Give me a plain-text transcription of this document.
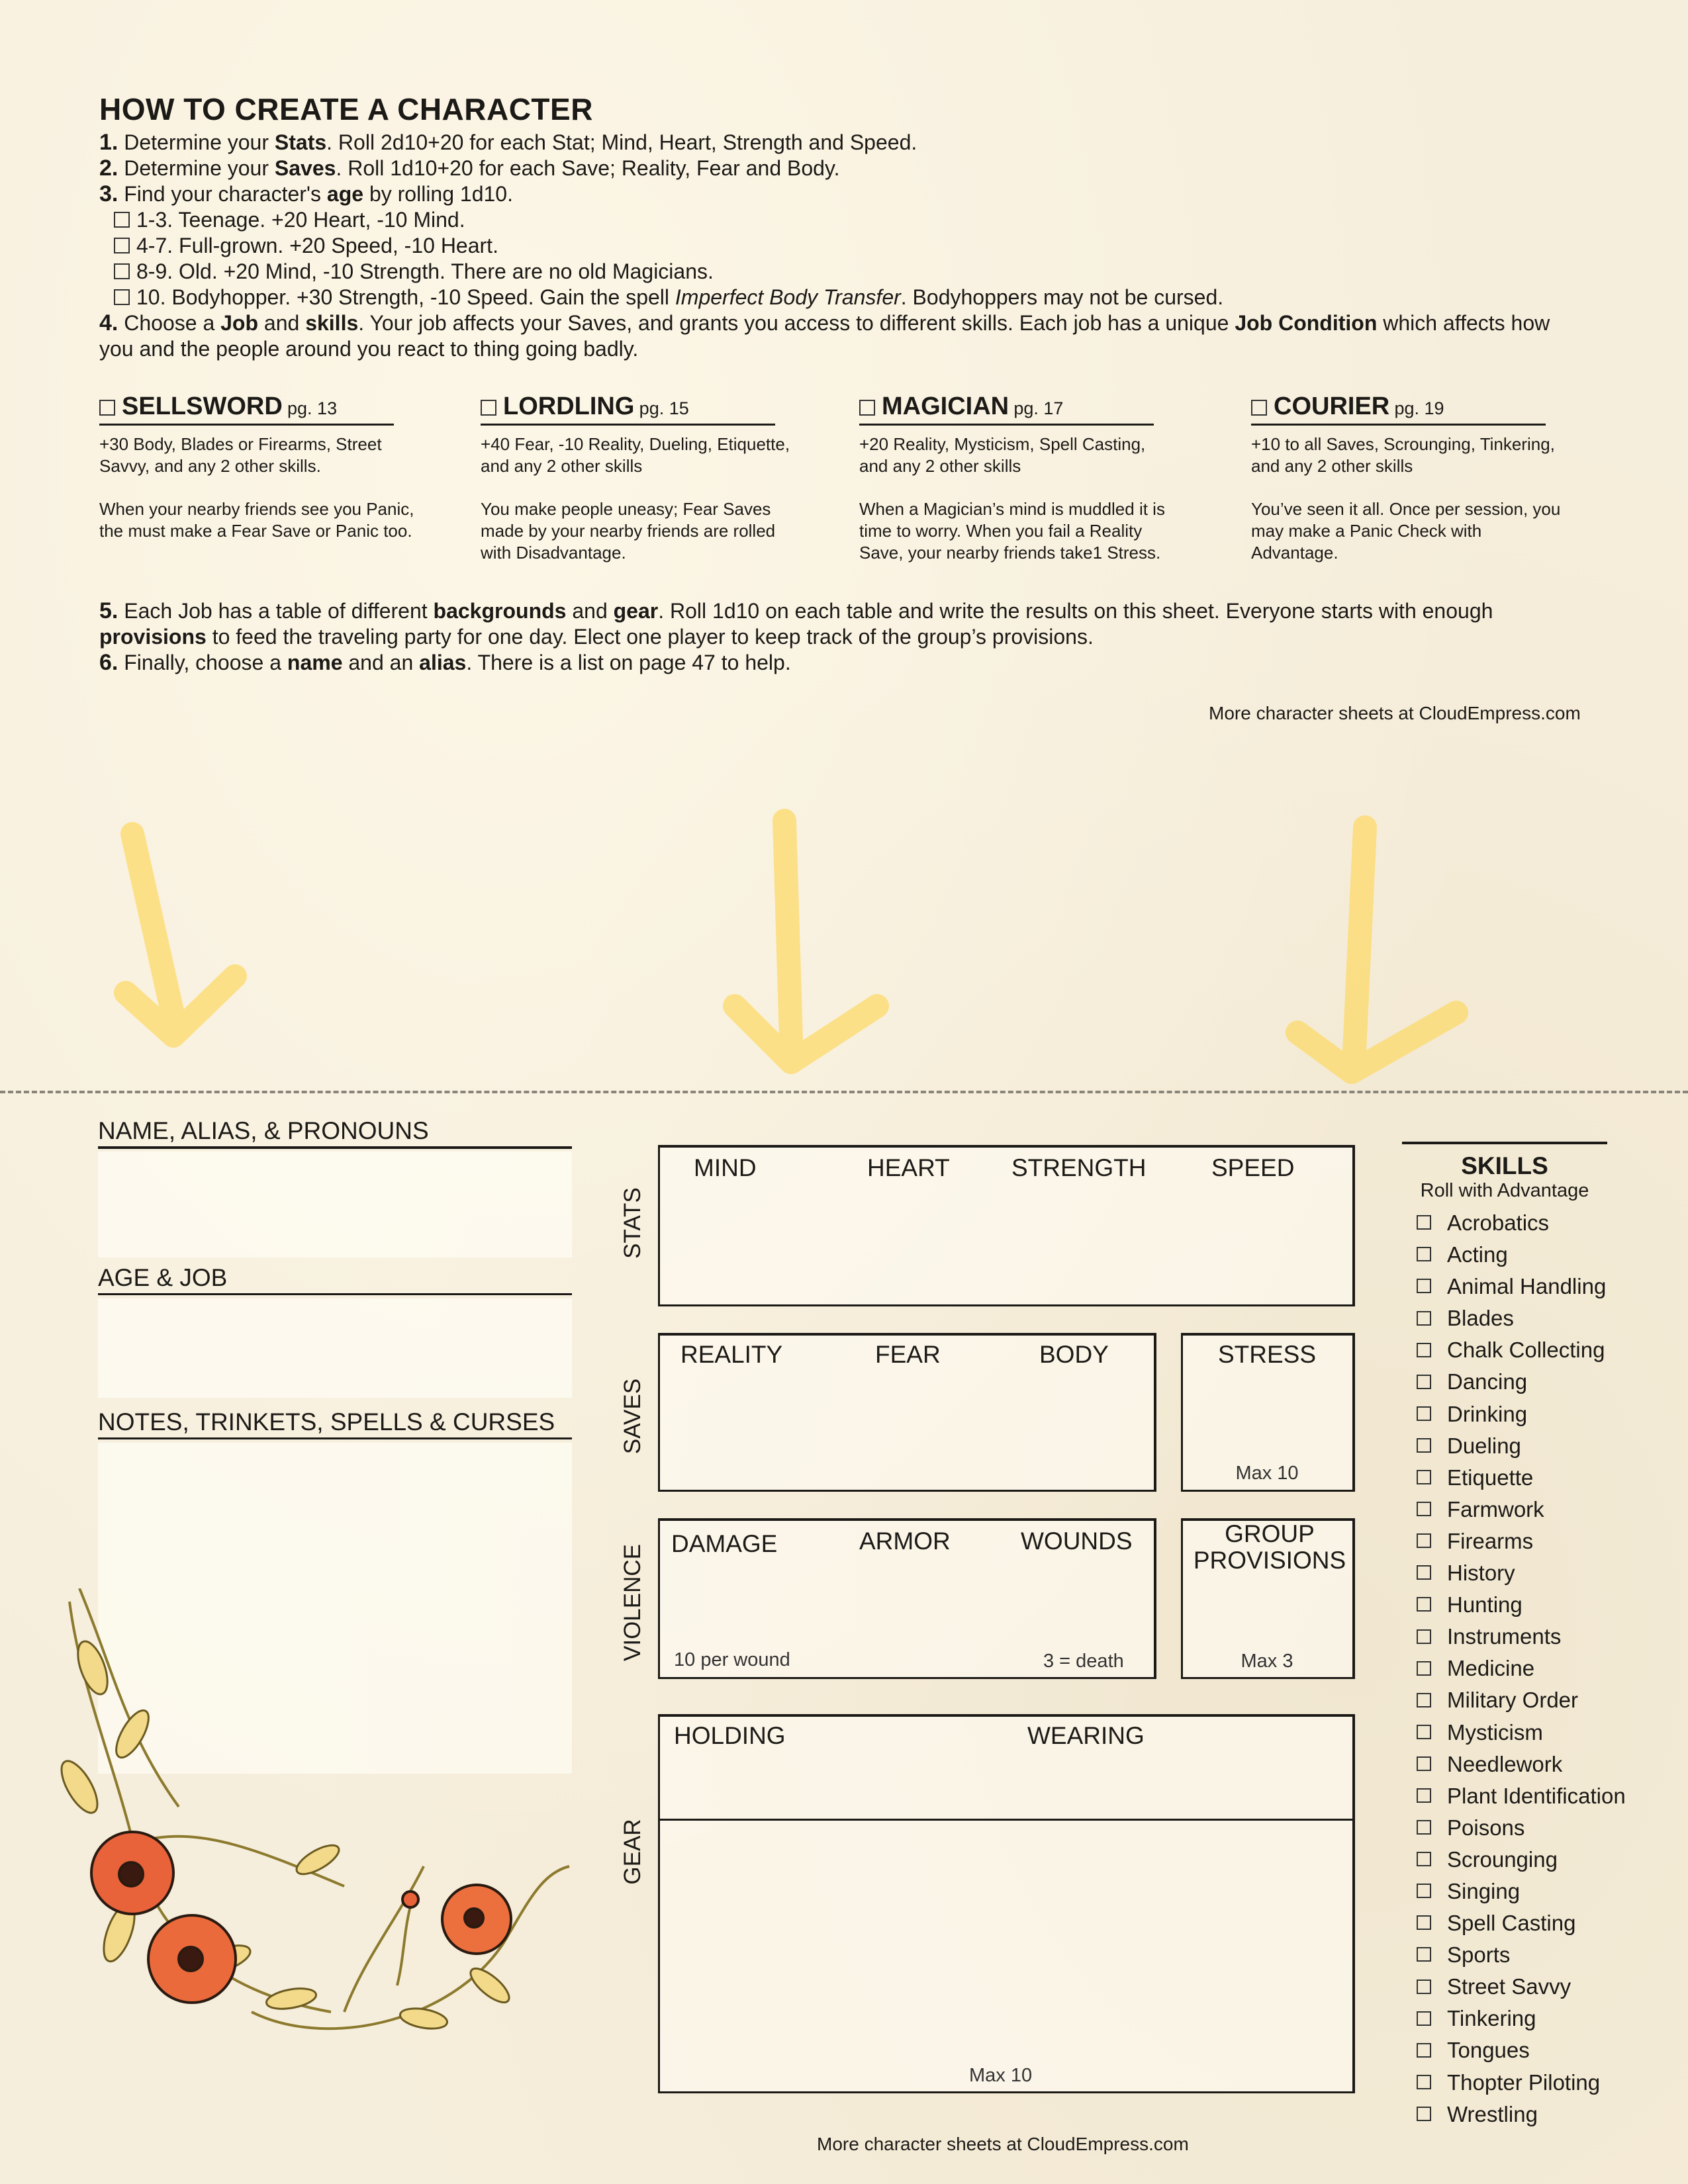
HOW TO CREATE A CHARACTER

1. Determine your Stats. Roll 2d10+20 for each Stat; Mind, Heart, Strength and Speed.

2. Determine your Saves. Roll 1d10+20 for each Save; Reality, Fear and Body.

3. Find your character's age by rolling 1d10.

1-3. Teenage. +20 Heart, -10 Mind.

4-7. Full-grown. +20 Speed, -10 Heart.

8-9. Old. +20 Mind, -10 Strength. There are no old Magicians.

10. Bodyhopper. +30 Strength, -10 Speed. Gain the spell Imperfect Body Transfer. Bodyhoppers may not be cursed.

4. Choose a Job and skills. Your job affects your Saves, and grants you access to different skills. Each job has a unique Job Condition which affects how you and the people around you react to thing going badly.

SELLSWORD pg. 13

+30 Body, Blades or Firearms, Street Savvy, and any 2 other skills.

When your nearby friends see you Panic, the must make a Fear Save or Panic too.

LORDLING pg. 15

+40 Fear, -10 Reality, Dueling, Etiquette, and any 2 other skills

You make people uneasy; Fear Saves made by your nearby friends are rolled with Disadvantage.

MAGICIAN pg. 17

+20 Reality, Mysticism, Spell Casting, and any 2 other skills

When a Magician’s mind is muddled it is time to worry. When you fail a Reality Save, your nearby friends take1 Stress.

COURIER pg. 19

+10 to all Saves, Scrounging, Tinkering, and any 2 other skills

You’ve seen it all. Once per session, you may make a Panic Check with Advantage.

5. Each Job has a table of different backgrounds and gear. Roll 1d10 on each table and write the results on this sheet. Everyone starts with enough provisions to feed the traveling party for one day. Elect one player to keep track of the group’s provisions.

6. Finally, choose a name and an alias. There is a list on page 47 to help.

More character sheets at CloudEmpress.com
NAME, ALIAS, & PRONOUNS
AGE & JOB
NOTES, TRINKETS, SPELLS & CURSES
STATS
MIND	HEART	STRENGTH	SPEED
SAVES
REALITY	FEAR	BODY	STRESS
Max 10
VIOLENCE
DAMAGE	ARMOR	WOUNDS
10 per wound	3 = death
GROUP
PROVISIONS
Max 3
GEAR
HOLDING	WEARING
Max 10
SKILLS
Roll with Advantage
Acrobatics
Acting
Animal Handling
Blades
Chalk Collecting
Dancing
Drinking
Dueling
Etiquette
Farmwork
Firearms
History
Hunting
Instruments
Medicine
Military Order
Mysticism
Needlework
Plant Identification
Poisons
Scrounging
Singing
Spell Casting
Sports
Street Savvy
Tinkering
Tongues
Thopter Piloting
Wrestling
More character sheets at CloudEmpress.com
